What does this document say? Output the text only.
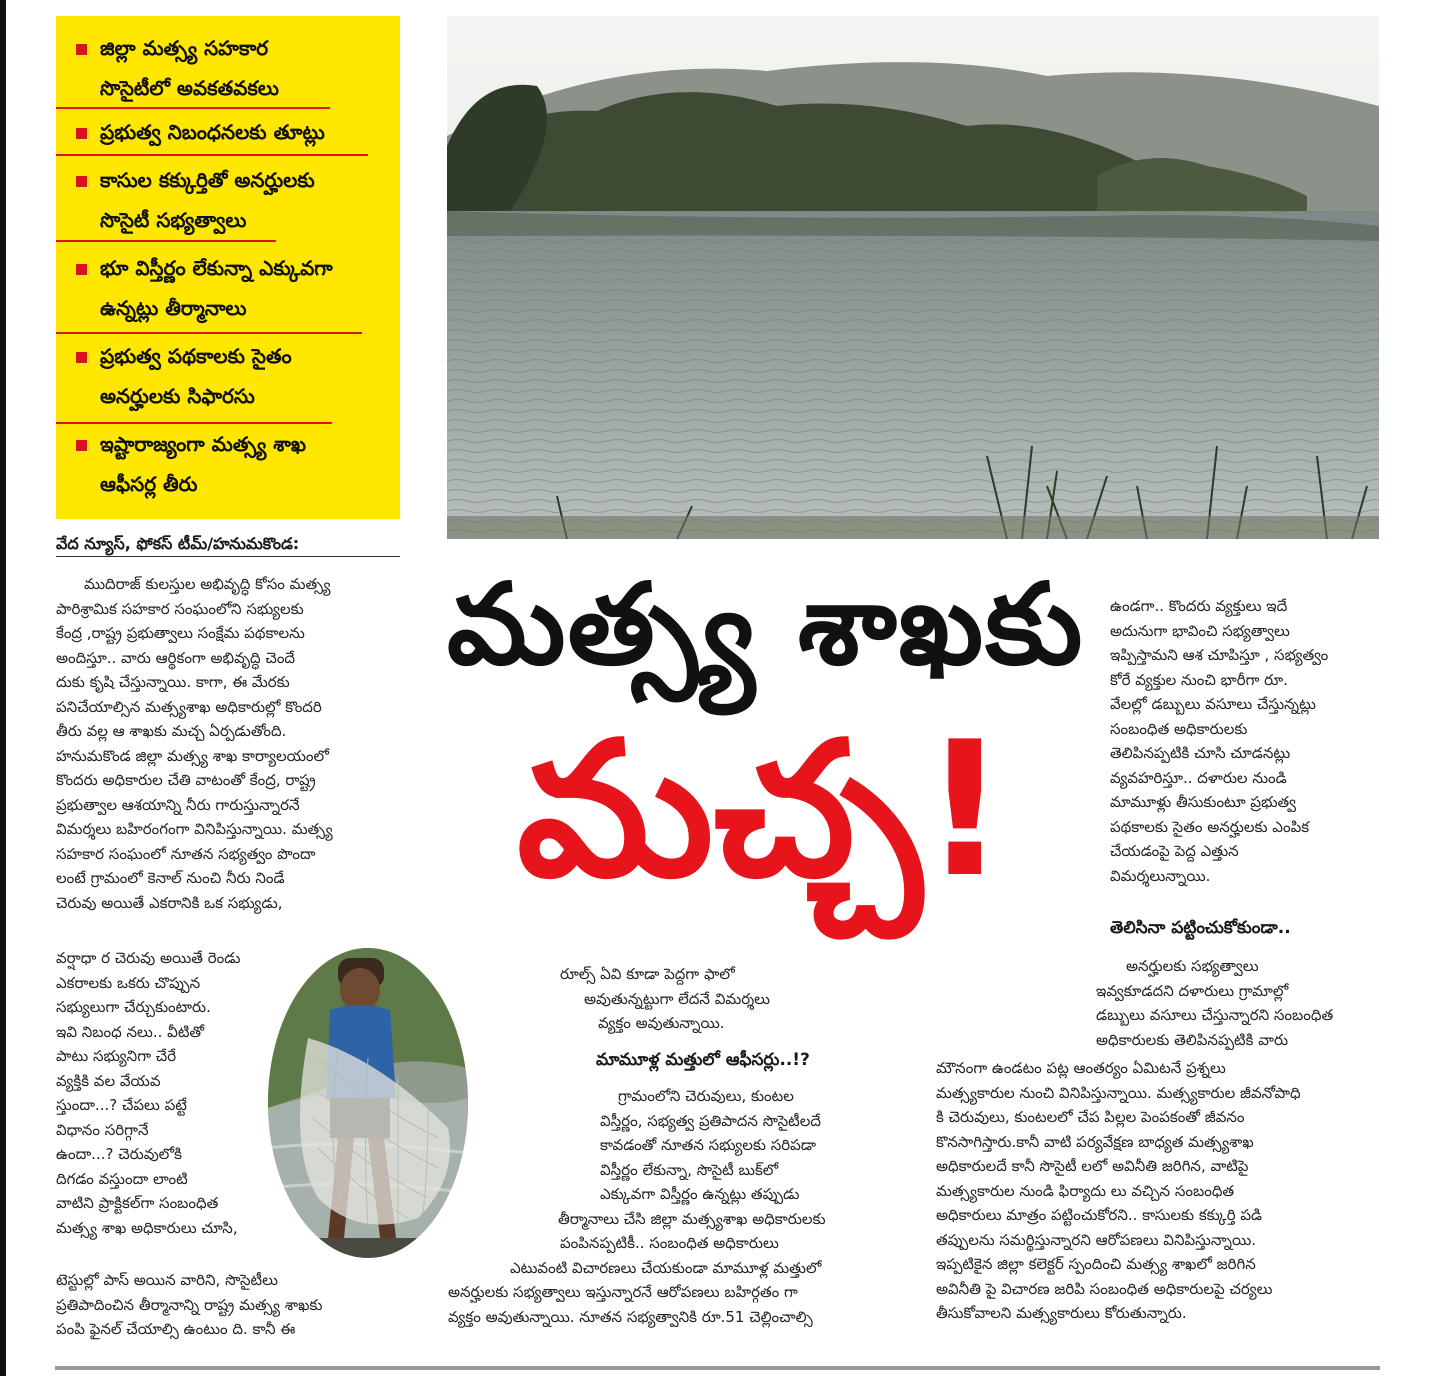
జిల్లా మత్స్య సహకార
సొసైటీలో అవకతవకలు
ప్రభుత్వ నిబంధనలకు తూట్లు
కాసుల కక్కుర్తితో అనర్హులకు
సొసైటీ సభ్యత్వాలు
భూ విస్తీర్ణం లేకున్నా ఎక్కువగా
ఉన్నట్లు తీర్మానాలు
ప్రభుత్వ పథకాలకు సైతం
అనర్హులకు సిఫారసు
ఇష్టారాజ్యంగా మత్స్య శాఖ
ఆఫీసర్ల తీరు
మత్స్య శాఖకు
మచ్చ!
వేద న్యూస్, ఫోకస్ టీమ్/హనుమకొండ:
ముదిరాజ్ కులస్తుల అభివృద్ధి కోసం మత్స్య
పారిశ్రామిక సహకార సంఘంలోని సభ్యులకు
కేంద్ర ,రాష్ట్ర ప్రభుత్వాలు సంక్షేమ పథకాలను
అందిస్తూ.. వారు ఆర్థికంగా అభివృద్ధి చెందే
దుకు కృషి చేస్తున్నాయి. కాగా, ఈ మేరకు
పనిచేయాల్సిన మత్స్యశాఖ అధికారుల్లో కొందరి
తీరు వల్ల ఆ శాఖకు మచ్చ ఏర్పడుతోంది.
హనుమకొండ జిల్లా మత్స్య శాఖ కార్యాలయంలో
కొందరు అధికారుల చేతి వాటంతో కేంద్ర, రాష్ట్ర
ప్రభుత్వాల ఆశయాన్ని నీరు గారుస్తున్నారనే
విమర్శలు బహిరంగంగా వినిపిస్తున్నాయి. మత్స్య
సహకార సంఘంలో నూతన సభ్యత్వం పొందా
లంటే గ్రామంలో కెనాల్ నుంచి నీరు నిండే
చెరువు అయితే ఎకరానికి ఒక సభ్యుడు,
వర్షాధా ర చెరువు అయితే రెండు
ఎకరాలకు ఒకరు చొప్పున
సభ్యులుగా చేర్చుకుంటారు.
ఇవి నిబంధ నలు.. వీటితో
పాటు సభ్యునిగా చేరే
వ్యక్తికి వల వేయవ
స్తుందా...? చేపలు పట్టే
విధానం సరిగ్గానే
ఉందా...? చెరువులోకి
దిగడం వస్తుందా లాంటి
వాటిని ప్రాక్టికల్‌గా సంబంధిత
మత్స్య శాఖ అధికారులు చూసి,
టెస్టుల్లో పాస్ అయిన వారిని, సొసైటీలు
ప్రతిపాదించిన తీర్మానాన్ని రాష్ట్ర మత్స్య శాఖకు
పంపి ఫైనల్ చేయాల్సి ఉంటుం ది. కానీ ఈ
రూల్స్ ఏవి కూడా పెద్దగా ఫాలో
అవుతున్నట్టుగా లేదనే విమర్శలు
వ్యక్తం అవుతున్నాయి.
మామూళ్ల మత్తులో ఆఫీసర్లు..!?
గ్రామంలోని చెరువులు, కుంటల
విస్తీర్ణం, సభ్యత్వ ప్రతిపాదన సొసైటీలదే
కావడంతో నూతన సభ్యులకు సరిపడా
విస్తీర్ణం లేకున్నా, సొసైటీ బుక్‌లో
ఎక్కువగా విస్తీర్ణం ఉన్నట్లు తప్పుడు
తీర్మానాలు చేసి జిల్లా మత్స్యశాఖ అధికారులకు
పంపినప్పటికీ.. సంబంధిత అధికారులు
ఎటువంటి విచారణలు చేయకుండా మామూళ్ల మత్తులో
అనర్హులకు సభ్యత్వాలు ఇస్తున్నారనే ఆరోపణలు బహిర్గతం గా
వ్యక్తం అవుతున్నాయి. నూతన సభ్యత్వానికి రూ.51 చెల్లించాల్సి
ఉండగా.. కొందరు వ్యక్తులు ఇదే
అదునుగా భావించి సభ్యత్వాలు
ఇప్పిస్తామని ఆశ చూపిస్తూ , సభ్యత్వం
కోరే వ్యక్తుల నుంచి భారీగా రూ.
వేలల్లో డబ్బులు వసూలు చేస్తున్నట్లు
సంబంధిత అధికారులకు
తెలిపినప్పటికి చూసి చూడనట్లు
వ్యవహరిస్తూ.. దళారుల నుండి
మామూళ్లు తీసుకుంటూ ప్రభుత్వ
పథకాలకు సైతం అనర్హులకు ఎంపిక
చేయడంపై పెద్ద ఎత్తున
విమర్శలున్నాయి.
తెలిసినా పట్టించుకోకుండా..
అనర్హులకు సభ్యత్వాలు
ఇవ్వకూడదని దళారులు గ్రామాల్లో
డబ్బులు వసూలు చేస్తున్నారని సంబంధిత
అధికారులకు తెలిపినప్పటికి వారు
మౌనంగా ఉండటం పట్ల ఆంతర్యం ఏమిటనే ప్రశ్నలు
మత్స్యకారుల నుంచి వినిపిస్తున్నాయి. మత్స్యకారుల జీవనోపాధి
కి చెరువులు, కుంటలలో చేప పిల్లల పెంపకంతో జీవనం
కొనసాగిస్తారు.కానీ వాటి పర్యవేక్షణ బాధ్యత మత్స్యశాఖ
అధికారులదే కానీ సొసైటీ లలో అవినీతి జరిగిన, వాటిపై
మత్స్యకారుల నుండి ఫిర్యాదు లు వచ్చిన సంబంధిత
అధికారులు మాత్రం పట్టించుకోరని.. కాసులకు కక్కుర్తి పడి
తప్పులను సమర్థిస్తున్నారని ఆరోపణలు వినిపిస్తున్నాయి.
ఇప్పటికైన జిల్లా కలెక్టర్ స్పందించి మత్స్య శాఖలో జరిగిన
అవినీతి పై విచారణ జరిపి సంబంధిత అధికారులపై చర్యలు
తీసుకోవాలని మత్స్యకారులు కోరుతున్నారు.
